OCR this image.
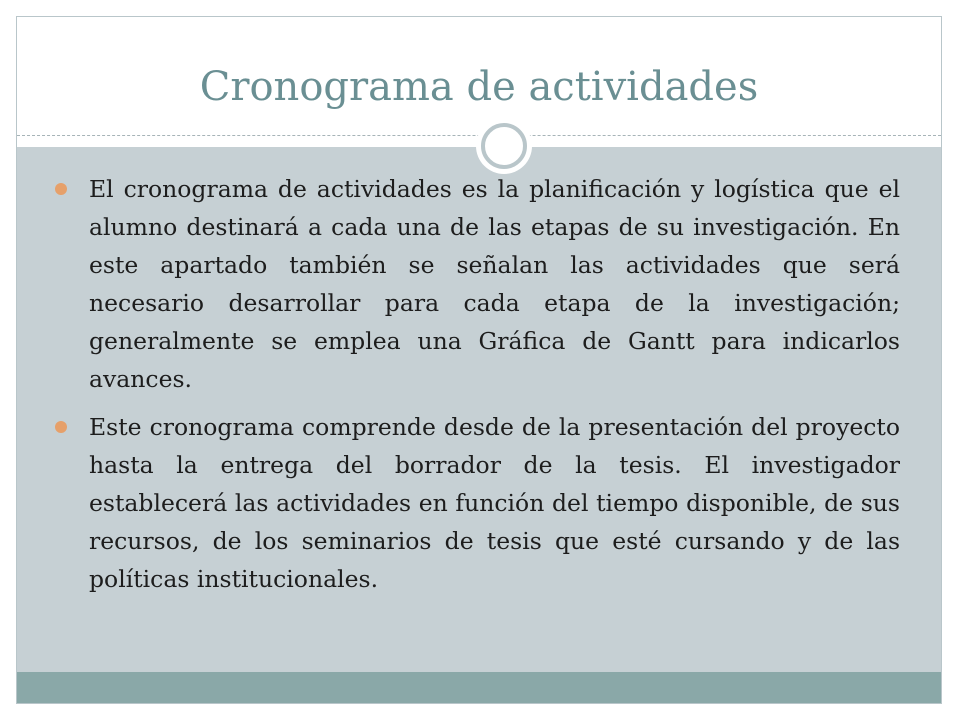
Cronograma de actividades
El cronograma de actividades es la planificación y logística que el alumno destinará a cada una de las etapas de su investigación. En este apartado también se señalan las actividades que será necesario desarrollar para cada etapa de la investigación; generalmente se emplea una Gráfica de Gantt para indicarlos avances.
Este cronograma comprende desde de la presentación del proyecto hasta la entrega del borrador de la tesis. El investigador establecerá las actividades en función del tiempo disponible, de sus recursos, de los seminarios de tesis que esté cursando y de las políticas institucionales.
